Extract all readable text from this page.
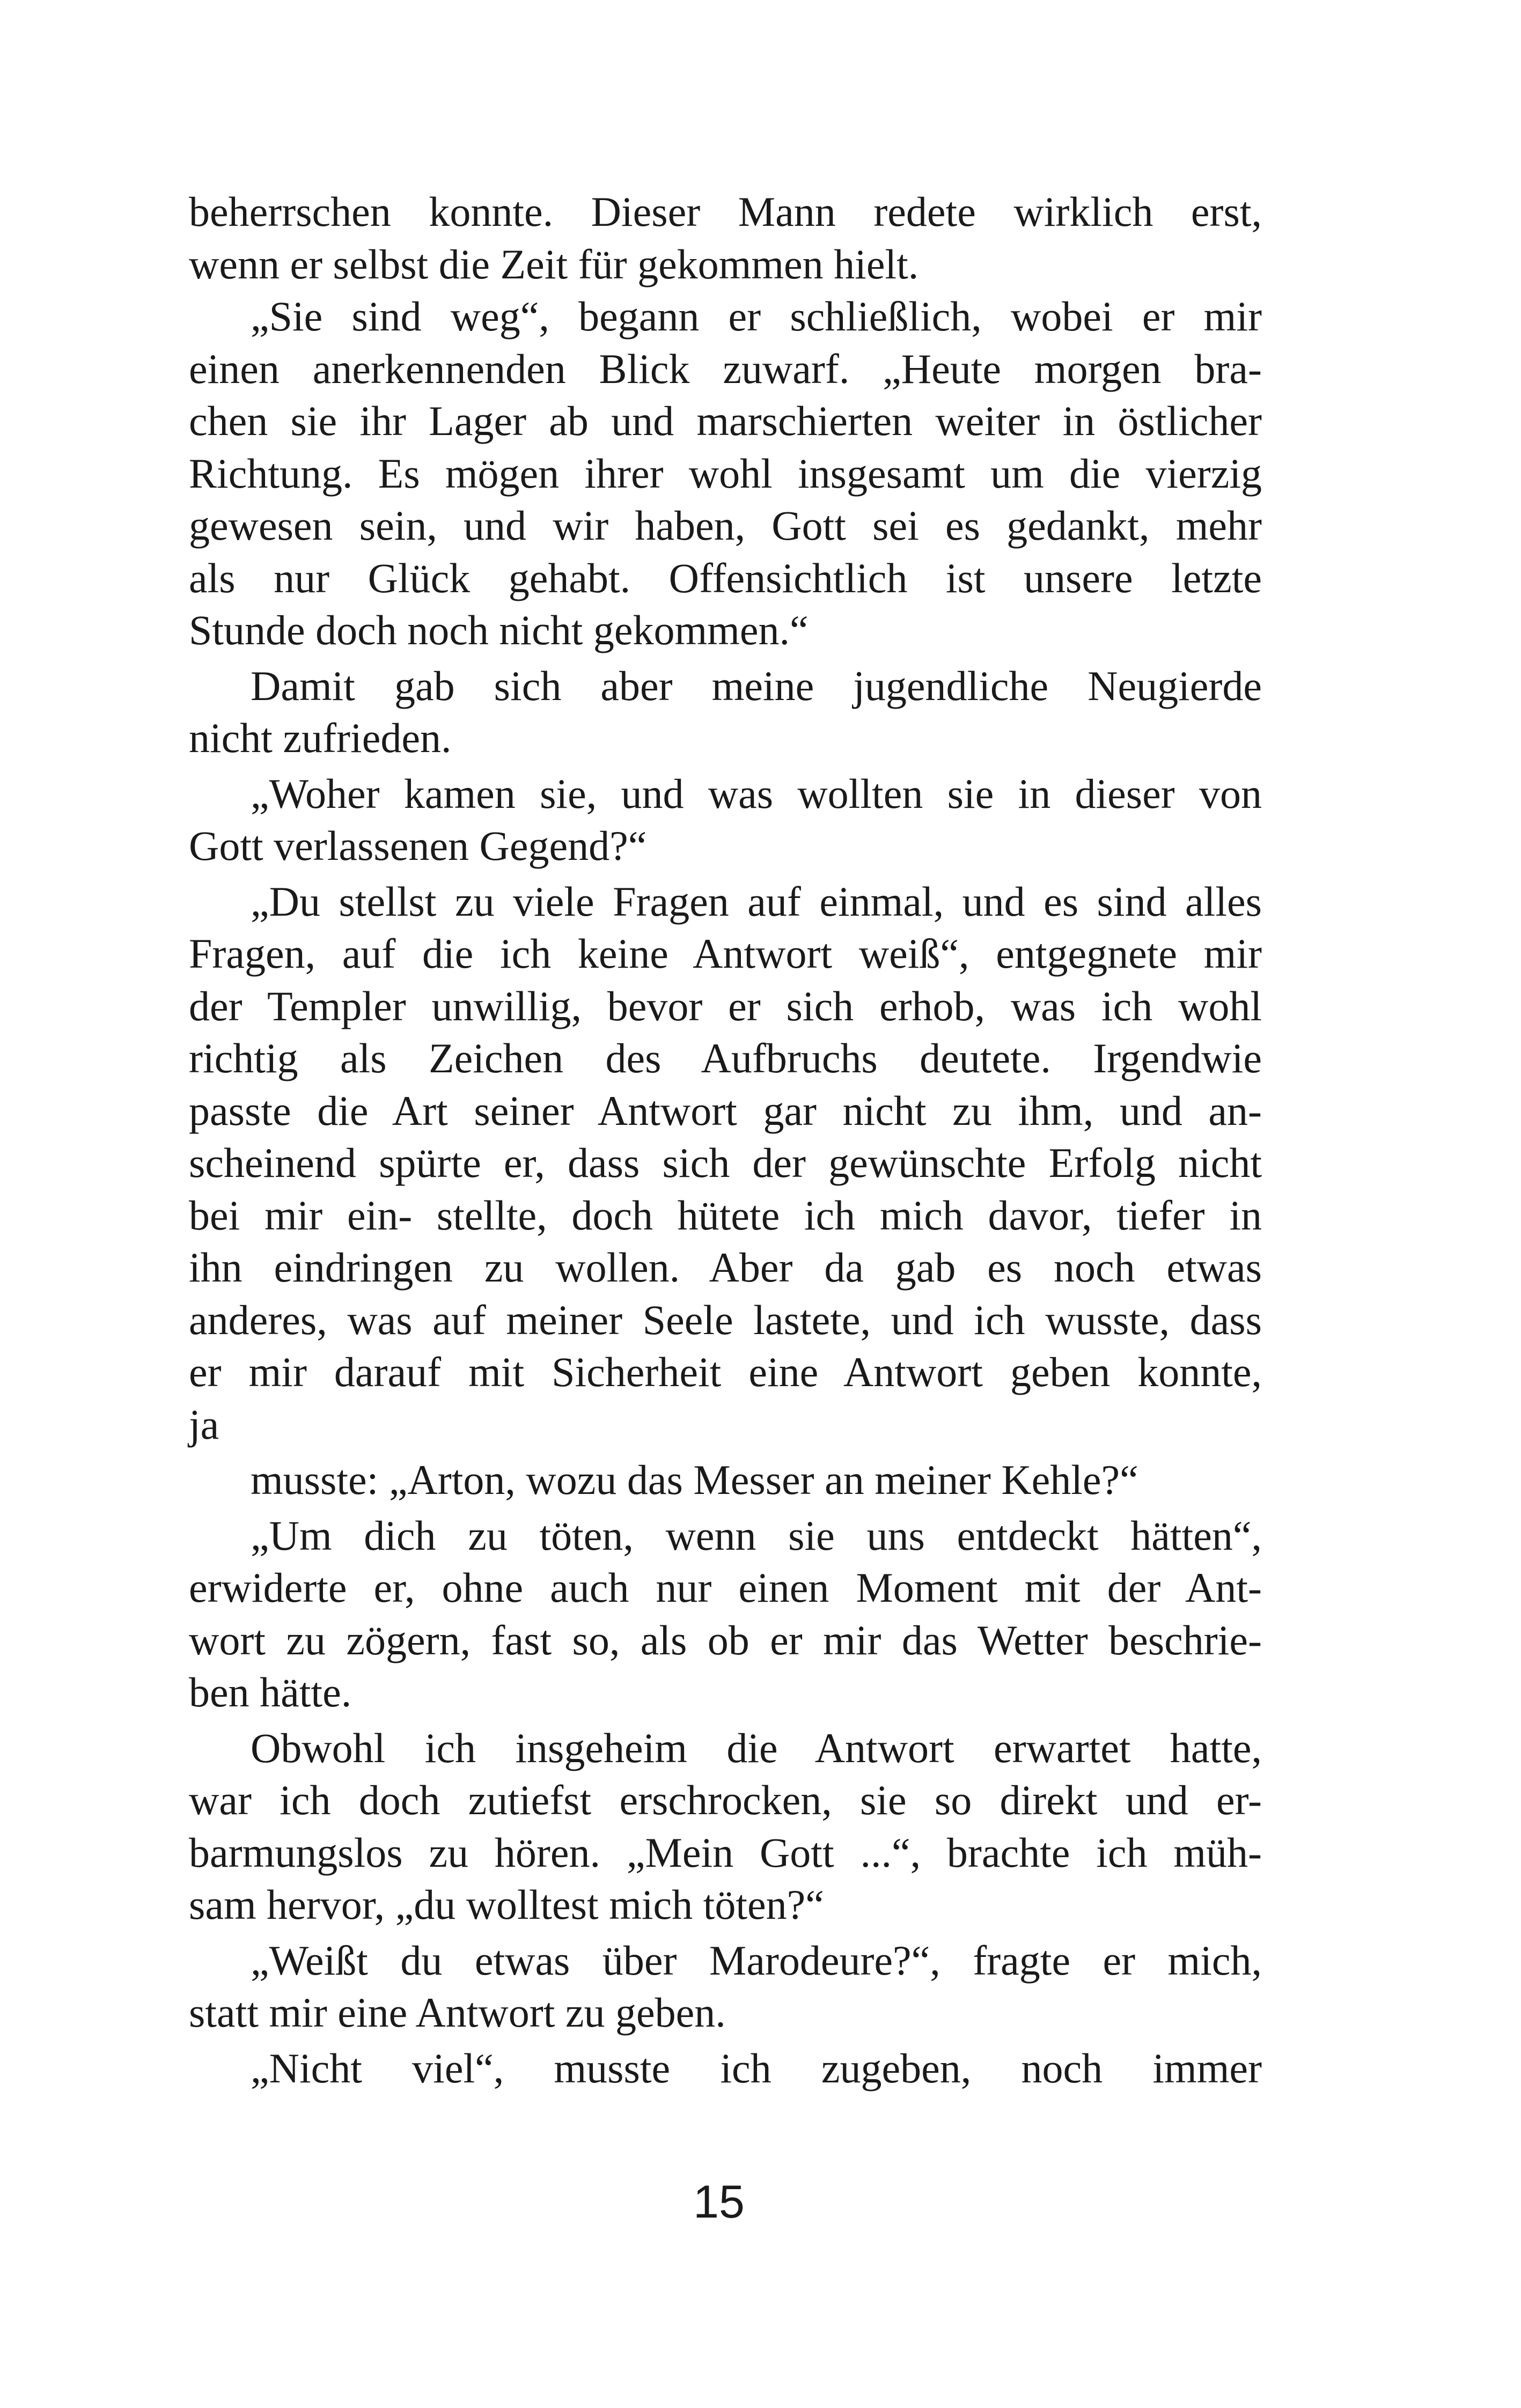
beherrschen konnte. Dieser Mann redete wirklich erst,
wenn er selbst die Zeit für gekommen hielt.
„Sie sind weg“, begann er schließlich, wobei er mir
einen anerkennenden Blick zuwarf. „Heute morgen bra-
chen sie ihr Lager ab und marschierten weiter in östlicher
Richtung. Es mögen ihrer wohl insgesamt um die vierzig
gewesen sein, und wir haben, Gott sei es gedankt, mehr
als nur Glück gehabt. Offensichtlich ist unsere letzte
Stunde doch noch nicht gekommen.“
Damit gab sich aber meine jugendliche Neugierde
nicht zufrieden.
„Woher kamen sie, und was wollten sie in dieser von
Gott verlassenen Gegend?“
„Du stellst zu viele Fragen auf einmal, und es sind alles
Fragen, auf die ich keine Antwort weiß“, entgegnete mir
der Templer unwillig, bevor er sich erhob, was ich wohl
richtig als Zeichen des Aufbruchs deutete. Irgendwie
passte die Art seiner Antwort gar nicht zu ihm, und an-
scheinend spürte er, dass sich der gewünschte Erfolg nicht
bei mir ein- stellte, doch hütete ich mich davor, tiefer in
ihn eindringen zu wollen. Aber da gab es noch etwas
anderes, was auf meiner Seele lastete, und ich wusste, dass
er mir darauf mit Sicherheit eine Antwort geben konnte,
ja
musste: „Arton, wozu das Messer an meiner Kehle?“
„Um dich zu töten, wenn sie uns entdeckt hätten“,
erwiderte er, ohne auch nur einen Moment mit der Ant-
wort zu zögern, fast so, als ob er mir das Wetter beschrie-
ben hätte.
Obwohl ich insgeheim die Antwort erwartet hatte,
war ich doch zutiefst erschrocken, sie so direkt und er-
barmungslos zu hören. „Mein Gott ...“, brachte ich müh-
sam hervor, „du wolltest mich töten?“
„Weißt du etwas über Marodeure?“, fragte er mich,
statt mir eine Antwort zu geben.
„Nicht viel“, musste ich zugeben, noch immer
15
